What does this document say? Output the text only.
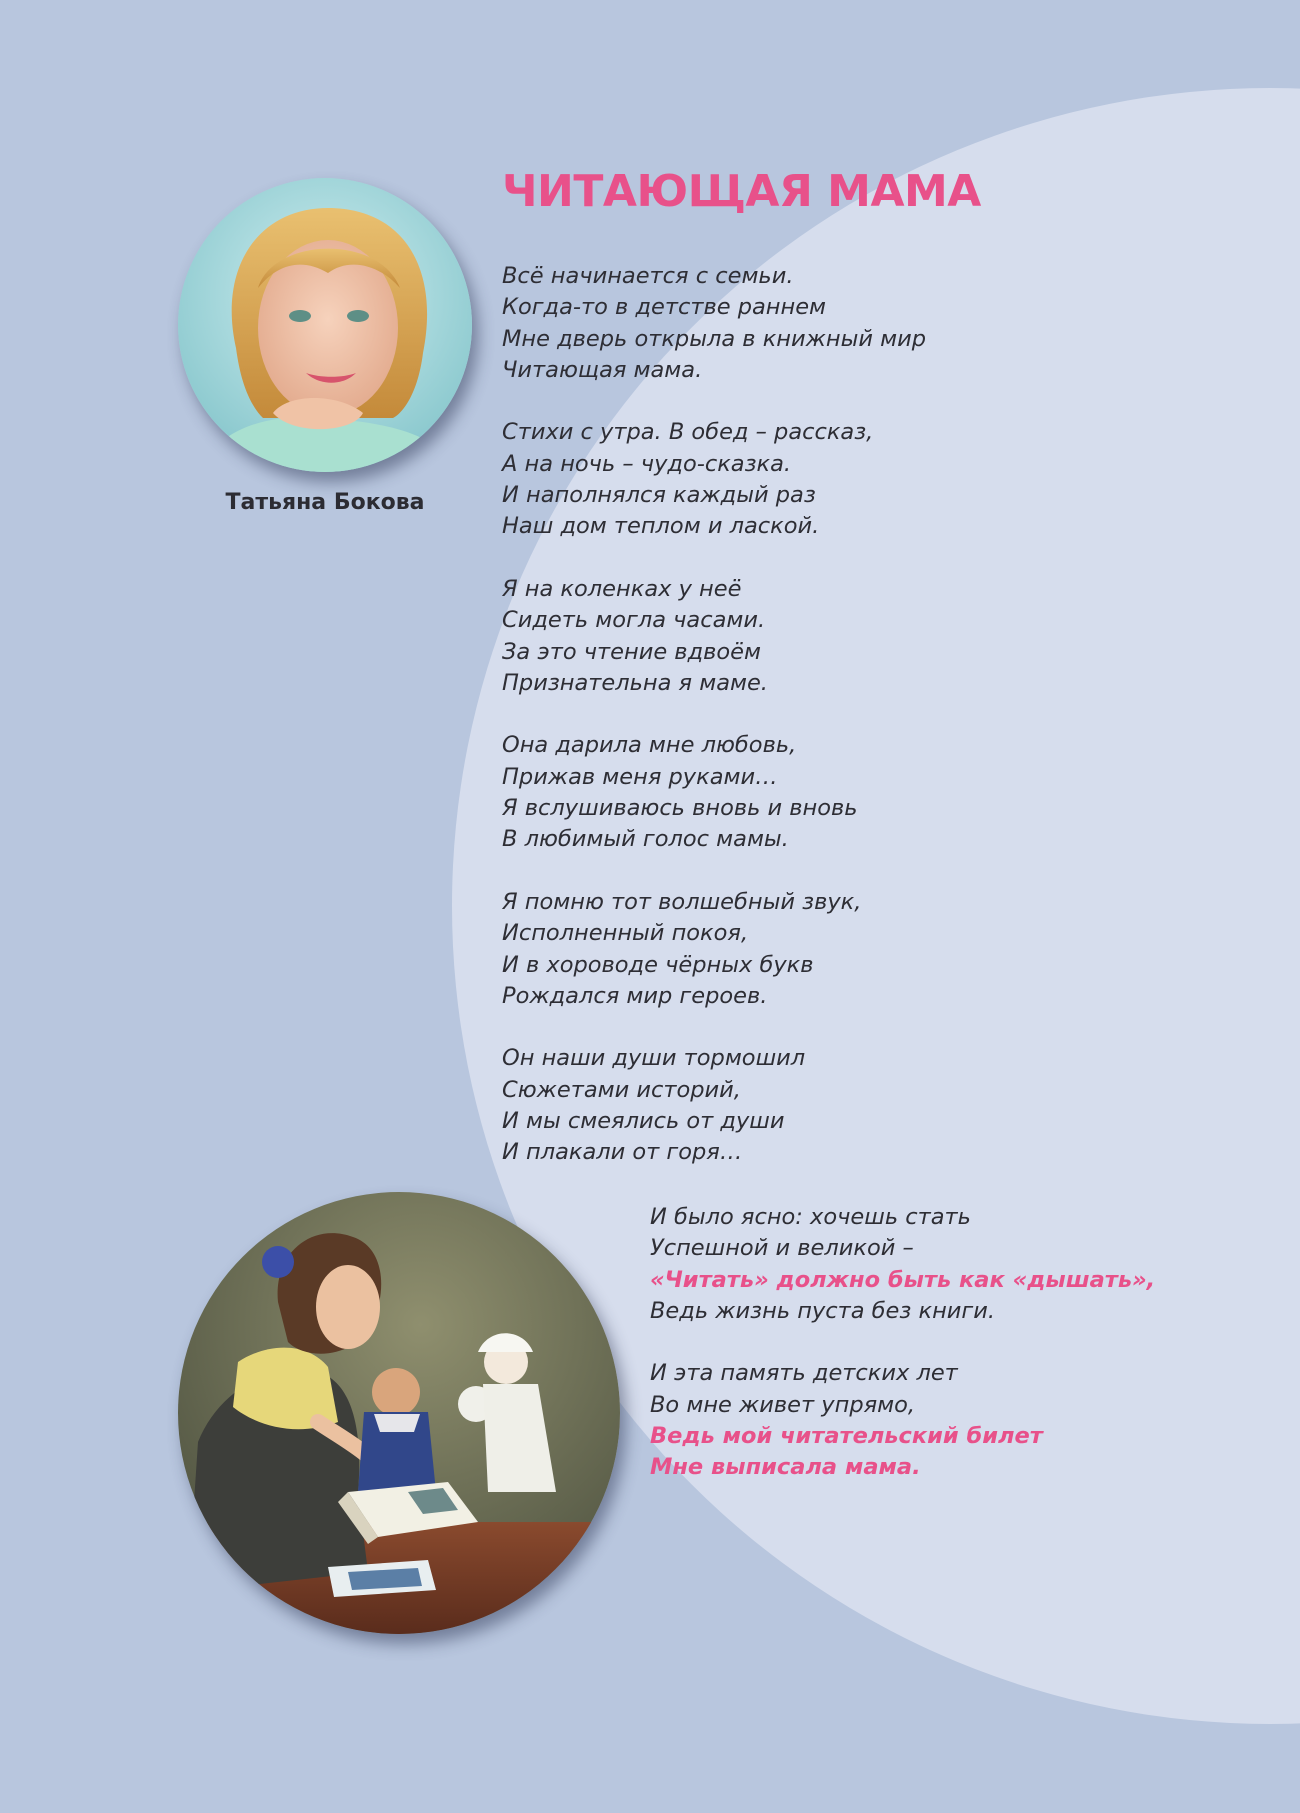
Татьяна Бокова
ЧИТАЮЩАЯ МАМА

Всё начинается с семьи.
Когда-то в детстве раннем
Мне дверь открыла в книжный мир
Читающая мама.

Стихи с утра. В обед – рассказ,
А на ночь – чудо-сказка.
И наполнялся каждый раз
Наш дом теплом и лаской.

Я на коленках у неё
Сидеть могла часами.
За это чтение вдвоём
Признательна я маме.

Она дарила мне любовь,
Прижав меня руками…
Я вслушиваюсь вновь и вновь
В любимый голос мамы.

Я помню тот волшебный звук,
Исполненный покоя,
И в хороводе чёрных букв
Рождался мир героев.

Он наши души тормошил
Сюжетами историй,
И мы смеялись от души
И плакали от горя…

И было ясно: хочешь стать
Успешной и великой –
«Читать» должно быть как «дышать»,
Ведь жизнь пуста без книги.

И эта память детских лет
Во мне живет упрямо,
Ведь мой читательский билет
Мне выписала мама.
